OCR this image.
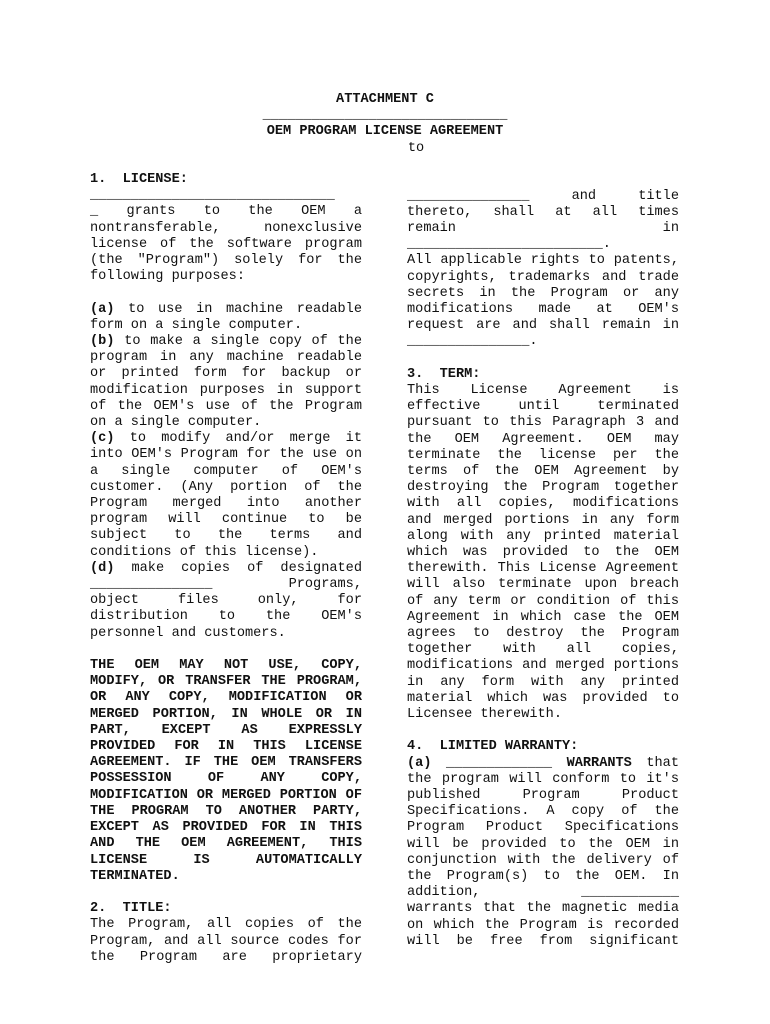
ATTACHMENT C
______________________________
OEM PROGRAM LICENSE AGREEMENT
to

1.  LICENSE:

______________________________

_ grants to the OEM a nontransferable, nonexclusive license of the software program (the "Program") solely for the following purposes:

(a) to use in machine readable form on a single computer.

(b) to make a single copy of the program in any machine readable or printed form for backup or modification purposes in support of the OEM's use of the Program on a single computer.

(c) to modify and/or merge it into OEM's Program for the use on a single computer of OEM's customer. (Any portion of the Program merged into another program will continue to be subject to the terms and conditions of this license).

(d) make copies of designated

_______________	Programs,

object files only, for distribution to the OEM's personnel and customers.

THE OEM MAY NOT USE, COPY, MODIFY, OR TRANSFER THE PROGRAM, OR ANY COPY, MODIFICATION OR MERGED PORTION, IN WHOLE OR IN PART, EXCEPT AS EXPRESSLY PROVIDED FOR IN THIS LICENSE AGREEMENT. IF THE OEM TRANSFERS POSSESSION OF ANY COPY, MODIFICATION OR MERGED PORTION OF THE PROGRAM TO ANOTHER PARTY, EXCEPT AS PROVIDED FOR IN THIS AND THE OEM AGREEMENT, THIS LICENSE IS AUTOMATICALLY TERMINATED.

2.  TITLE:

The Program, all copies of the Program, and all source codes for the Program are proprietary

_______________	and title thereto, shall at all times remain in

________________________.

All applicable rights to patents, copyrights, trademarks and trade secrets in the Program or any modifications made at OEM's request are and shall remain in _______________.

3.  TERM:

This License Agreement is effective until terminated pursuant to this Paragraph 3 and the OEM Agreement. OEM may terminate the license per the terms of the OEM Agreement by destroying the Program together with all copies, modifications and merged portions in any form along with any printed material which was provided to the OEM therewith. This License Agreement will also terminate upon breach of any term or condition of this Agreement in which case the OEM agrees to destroy the Program together with all copies, modifications and merged portions in any form with any printed material which was provided to Licensee therewith.

4.  LIMITED WARRANTY:

(a) _____________ WARRANTS that the program will conform to it's published Program Product Specifications. A copy of the Program Product Specifications will be provided to the OEM in conjunction with the delivery of the Program(s) to the OEM. In addition,	____________

warrants that the magnetic media on which the Program is recorded will be free from significant
